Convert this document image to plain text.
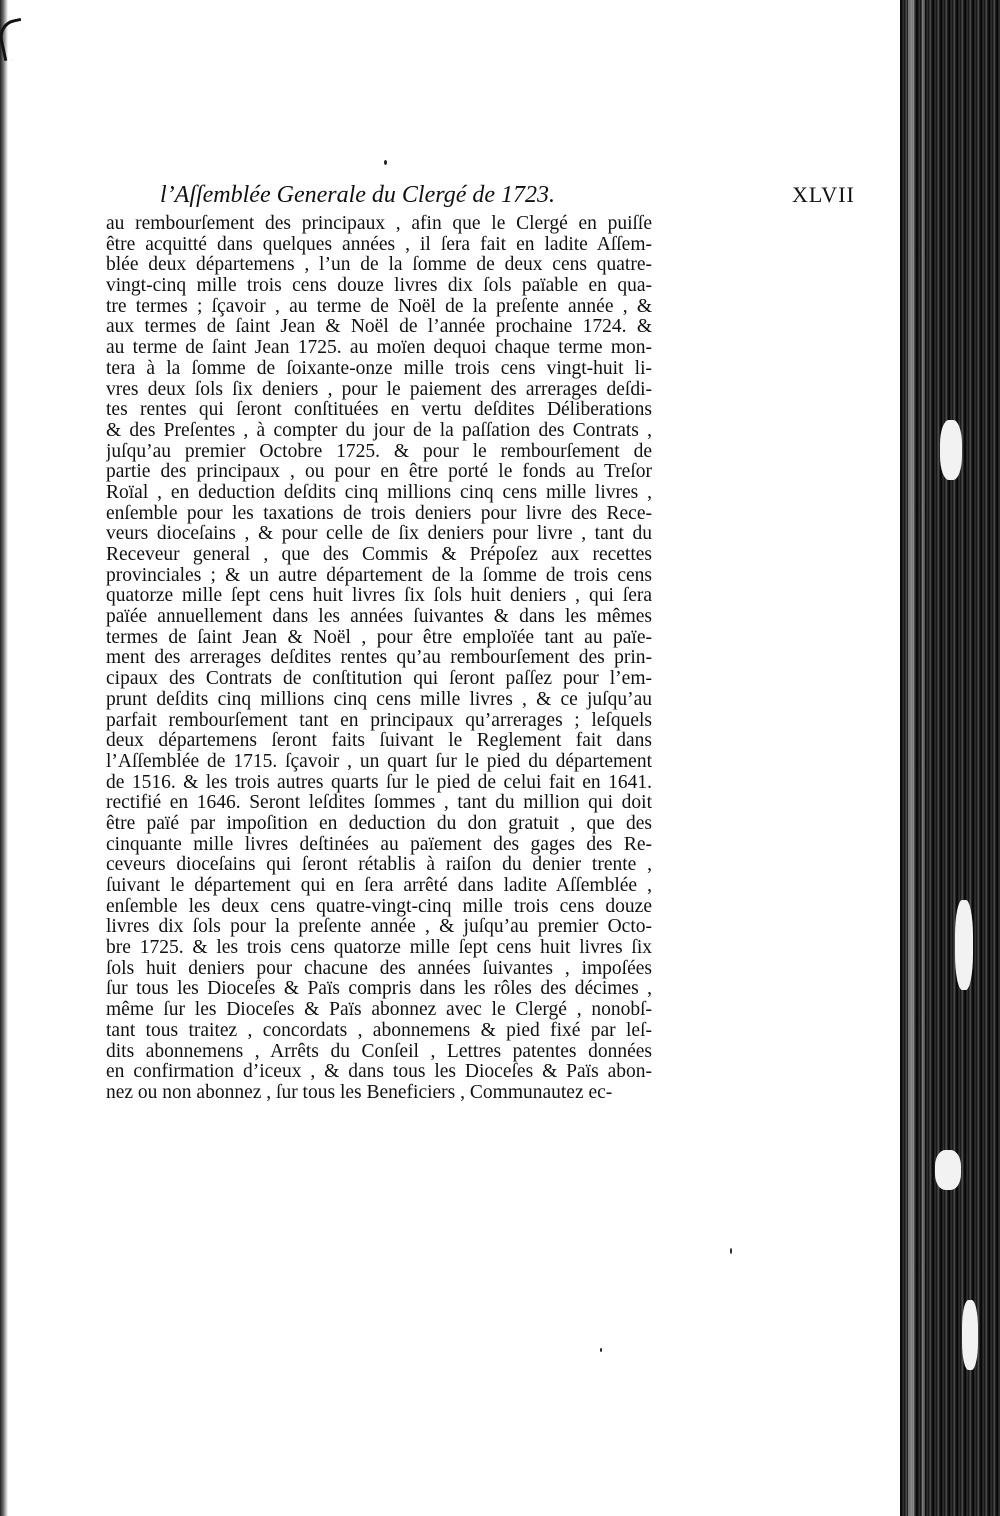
l’Aſſemblée Generale du Clergé de 1723.	XLVII
au rembourſement des principaux , afin que le Clergé en puiſſe
être acquitté dans quelques années , il ſera fait en ladite Aſſem-
blée deux départemens , l’un de la ſomme de deux cens quatre-
vingt-cinq mille trois cens douze livres dix ſols païable en qua-
tre termes ; ſçavoir , au terme de Noël de la preſente année , &
aux termes de ſaint Jean & Noël de l’année prochaine 1724. &
au terme de ſaint Jean 1725. au moïen dequoi chaque terme mon-
tera à la ſomme de ſoixante-onze mille trois cens vingt-huit li-
vres deux ſols ſix deniers , pour le paiement des arrerages deſdi-
tes rentes qui ſeront conſtituées en vertu deſdites Déliberations
& des Preſentes , à compter du jour de la paſſation des Contrats ,
juſqu’au premier Octobre 1725. & pour le rembourſement de
partie des principaux , ou pour en être porté le fonds au Treſor
Roïal , en deduction deſdits cinq millions cinq cens mille livres ,
enſemble pour les taxations de trois deniers pour livre des Rece-
veurs dioceſains , & pour celle de ſix deniers pour livre , tant du
Receveur general , que des Commis & Prépoſez aux recettes
provinciales ; & un autre département de la ſomme de trois cens
quatorze mille ſept cens huit livres ſix ſols huit deniers , qui ſera
païée annuellement dans les années ſuivantes & dans les mêmes
termes de ſaint Jean & Noël , pour être emploïée tant au païe-
ment des arrerages deſdites rentes qu’au rembourſement des prin-
cipaux des Contrats de conſtitution qui ſeront paſſez pour l’em-
prunt deſdits cinq millions cinq cens mille livres , & ce juſqu’au
parfait rembourſement tant en principaux qu’arrerages ; leſquels
deux départemens ſeront faits ſuivant le Reglement fait dans
l’Aſſemblée de 1715. ſçavoir , un quart ſur le pied du département
de 1516. & les trois autres quarts ſur le pied de celui fait en 1641.
rectifié en 1646. Seront leſdites ſommes , tant du million qui doit
être païé par impoſition en deduction du don gratuit , que des
cinquante mille livres deſtinées au païement des gages des Re-
ceveurs dioceſains qui ſeront rétablis à raiſon du denier trente ,
ſuivant le département qui en ſera arrêté dans ladite Aſſemblée ,
enſemble les deux cens quatre-vingt-cinq mille trois cens douze
livres dix ſols pour la preſente année , & juſqu’au premier Octo-
bre 1725. & les trois cens quatorze mille ſept cens huit livres ſix
ſols huit deniers pour chacune des années ſuivantes , impoſées
ſur tous les Dioceſes & Païs compris dans les rôles des décimes ,
même ſur les Dioceſes & Païs abonnez avec le Clergé , nonobſ-
tant tous traitez , concordats , abonnemens & pied fixé par leſ-
dits abonnemens , Arrêts du Conſeil , Lettres patentes données
en confirmation d’iceux , & dans tous les Dioceſes & Païs abon-
nez ou non abonnez , ſur tous les Beneficiers , Communautez ec-
